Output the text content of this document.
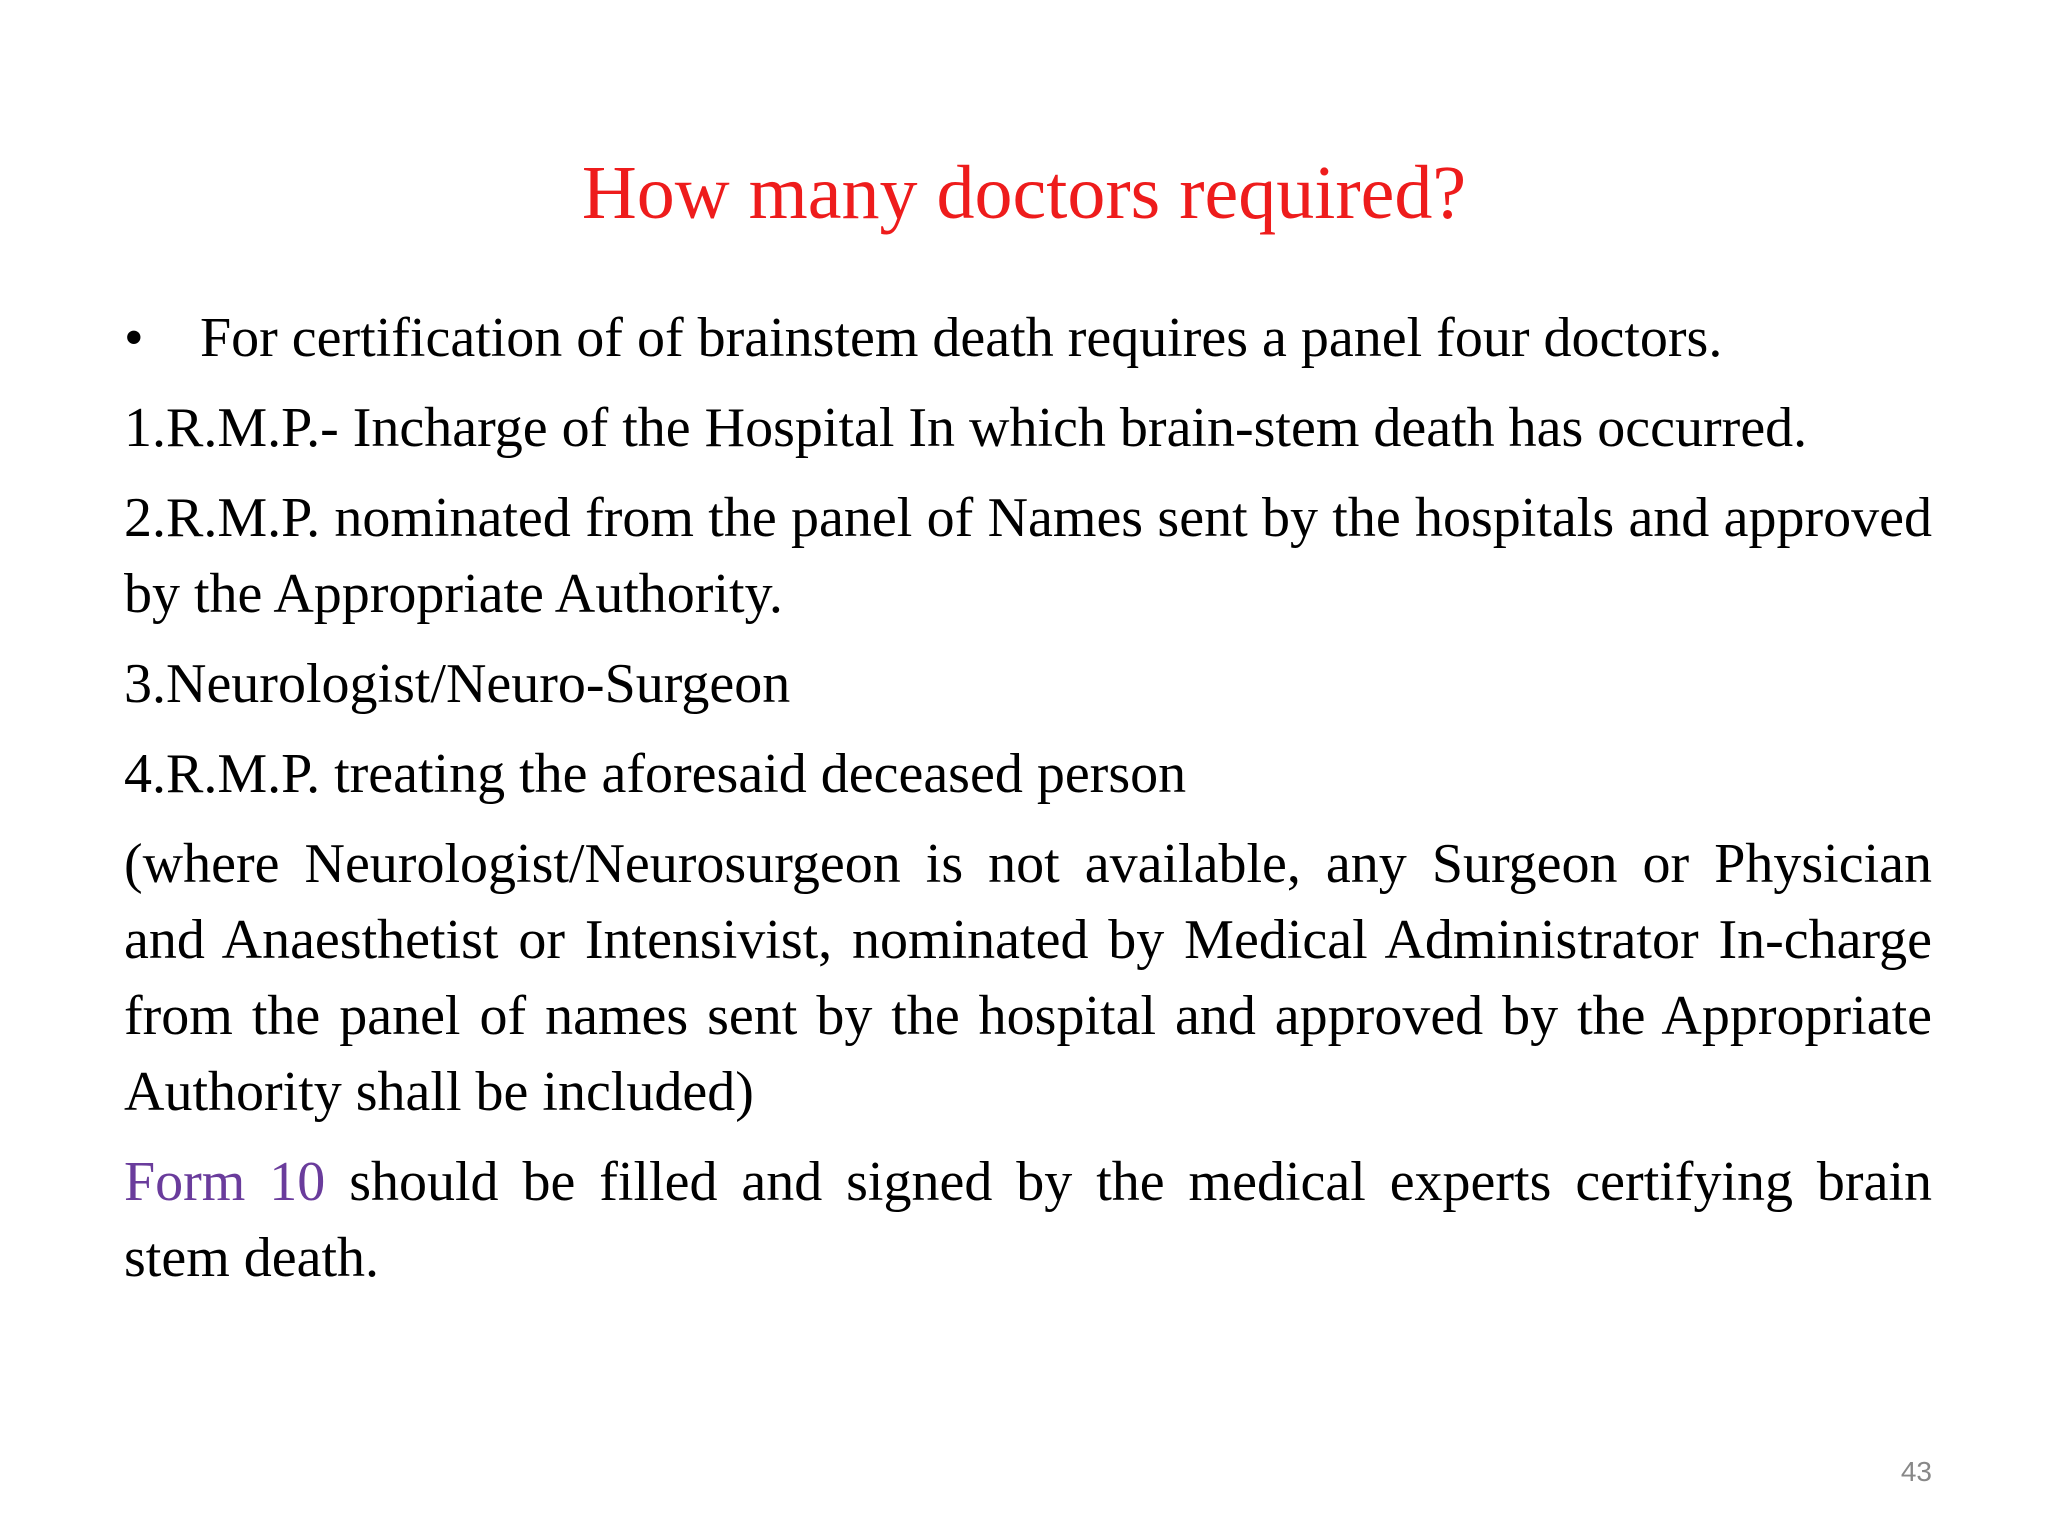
How many doctors required?

• For certification of of brainstem death requires a panel four doctors.

1.R.M.P.- Incharge of the Hospital In which brain-stem death has occurred.

2.R.M.P. nominated from the panel of Names sent by the hospitals and approved by the Appropriate Authority.

3.Neurologist/Neuro-Surgeon

4.R.M.P. treating the aforesaid deceased person

(where Neurologist/Neurosurgeon is not available, any Surgeon or Physician and Anaesthetist or Intensivist, nominated by Medical Administrator In-charge from the panel of names sent by the hospital and approved by the Appropriate Authority shall be included)

Form 10 should be filled and signed by the medical experts certifying brain stem death.

43
